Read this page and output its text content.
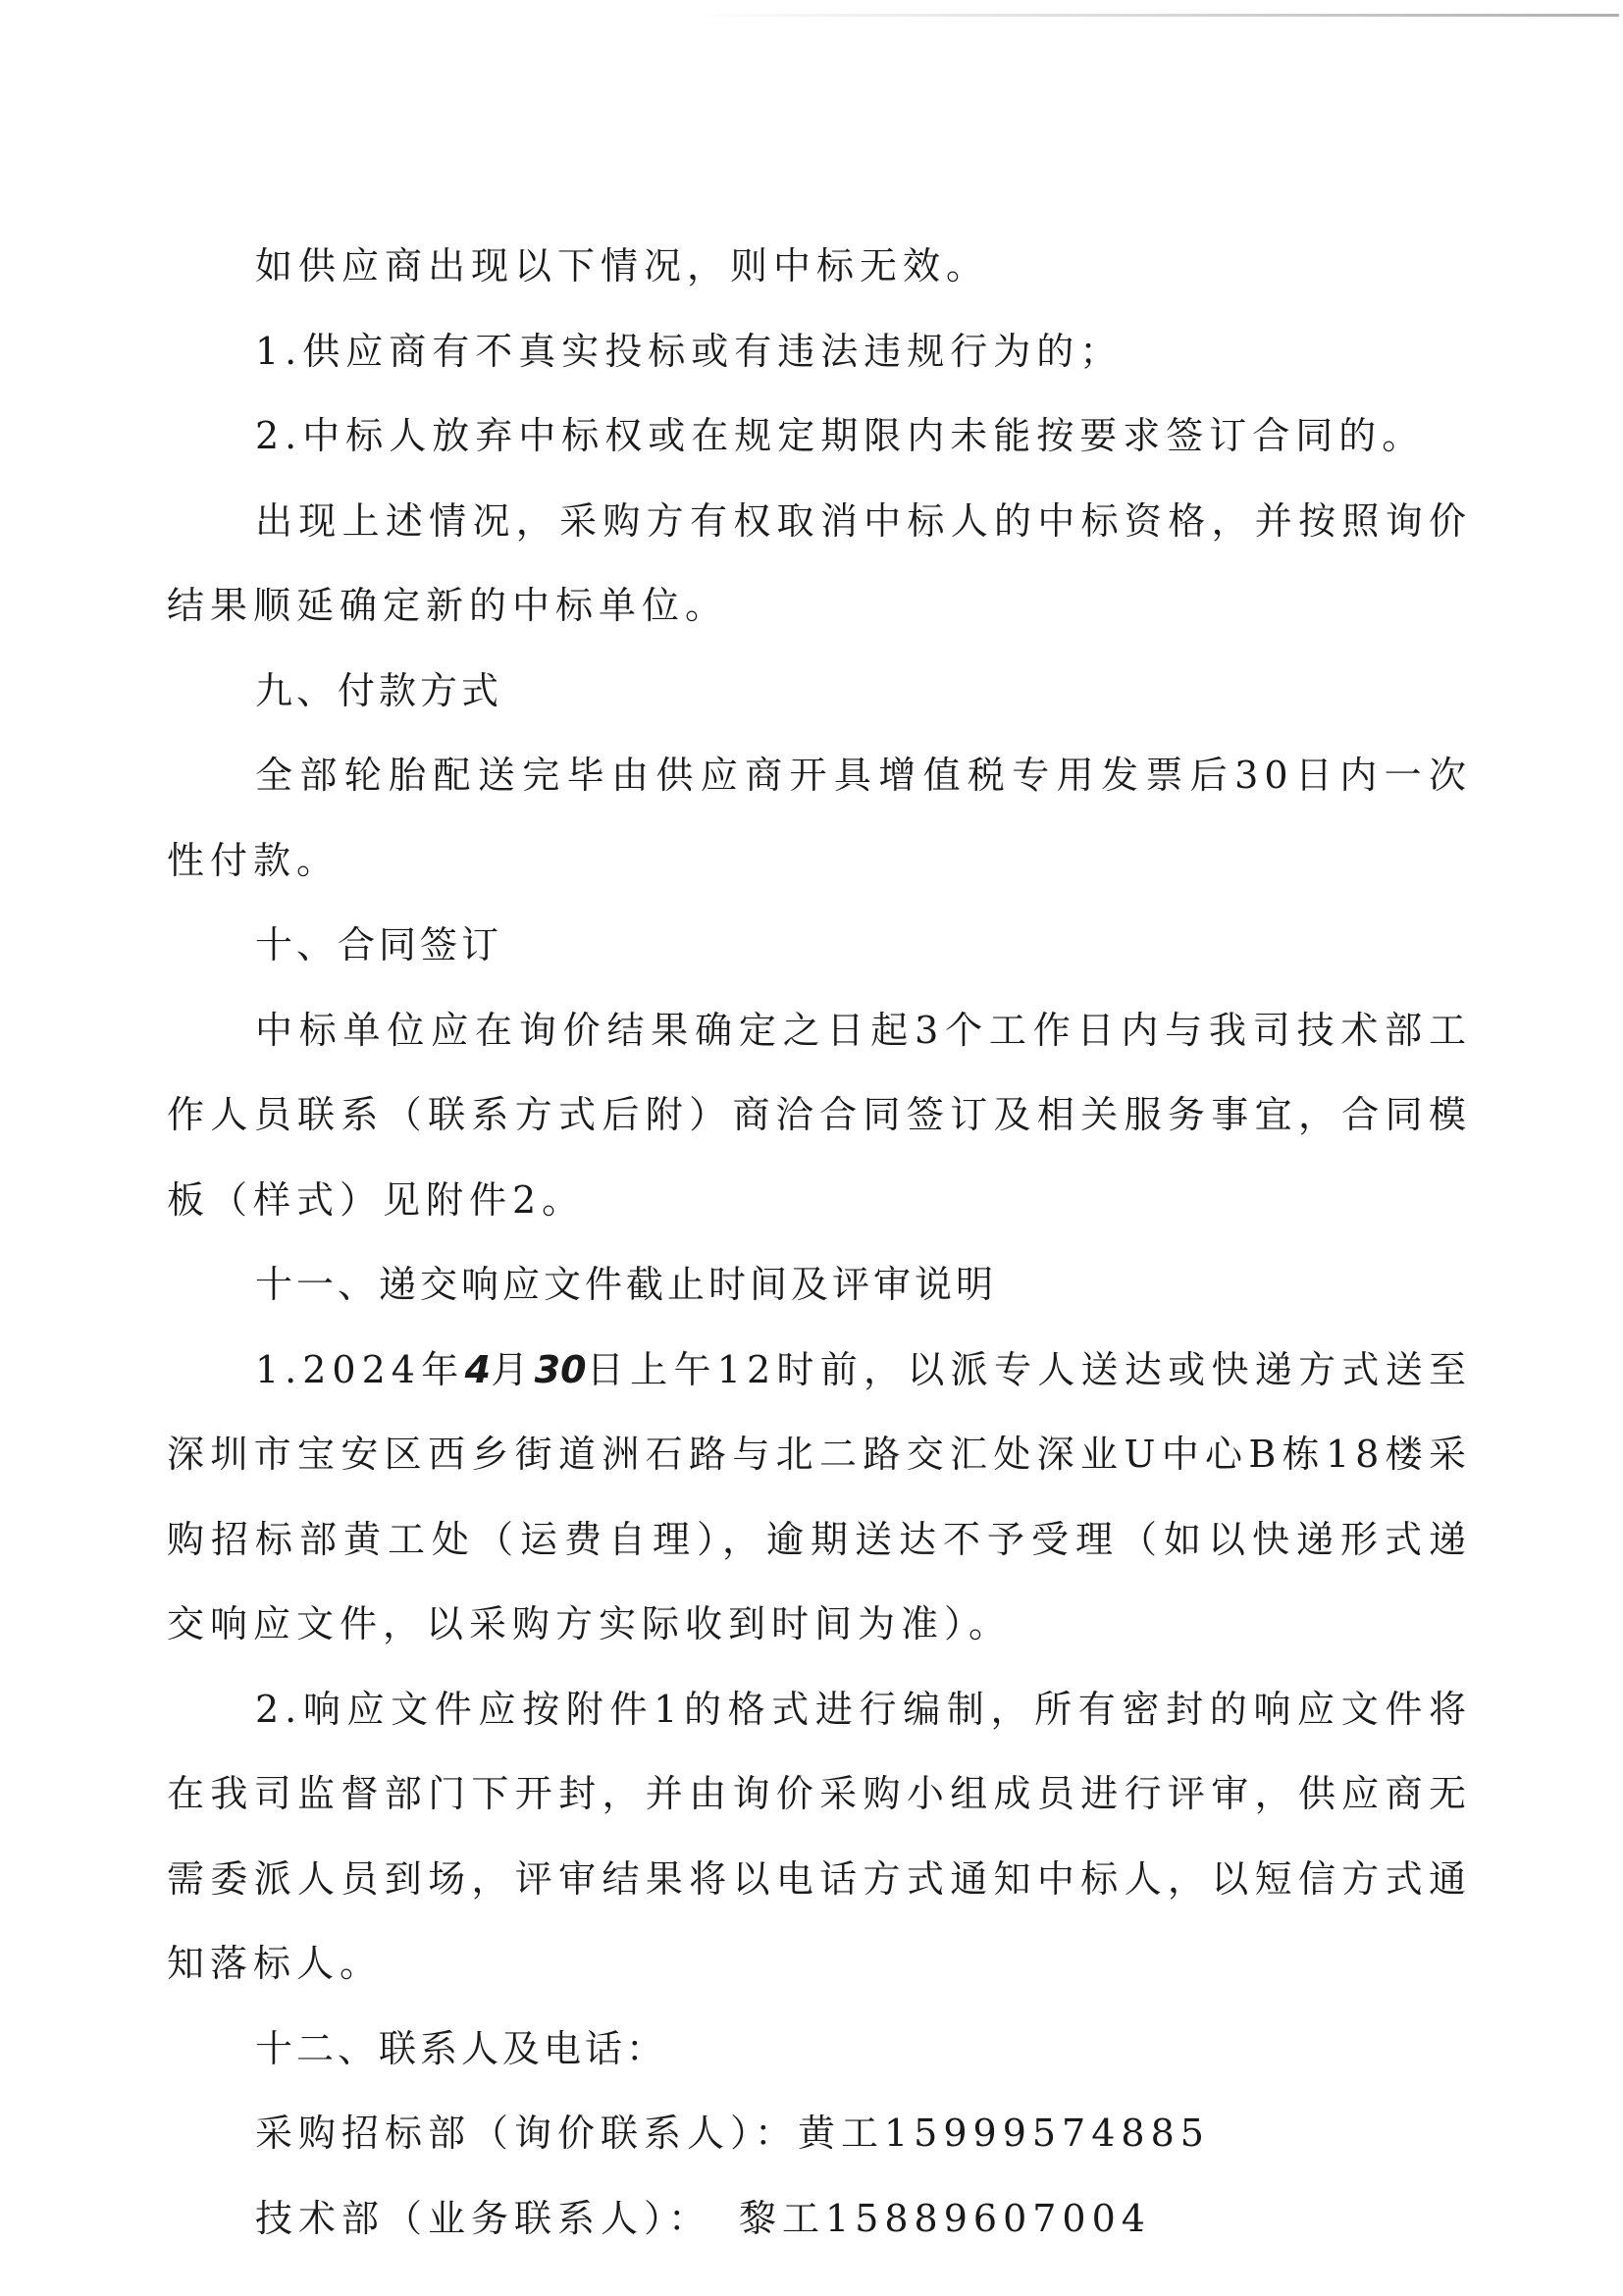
如供应商出现以下情况，则中标无效。

1.供应商有不真实投标或有违法违规行为的；

2.中标人放弃中标权或在规定期限内未能按要求签订合同的。

出现上述情况，采购方有权取消中标人的中标资格，并按照询价结果顺延确定新的中标单位。

九、付款方式

全部轮胎配送完毕由供应商开具增值税专用发票后30日内一次性付款。

十、合同签订

中标单位应在询价结果确定之日起3个工作日内与我司技术部工作人员联系（联系方式后附）商洽合同签订及相关服务事宜，合同模板（样式）见附件2。

十一、递交响应文件截止时间及评审说明

1.2024年4月30日上午12时前，以派专人送达或快递方式送至深圳市宝安区西乡街道洲石路与北二路交汇处深业U中心B栋18楼采购招标部黄工处（运费自理），逾期送达不予受理（如以快递形式递交响应文件，以采购方实际收到时间为准）。

2.响应文件应按附件1的格式进行编制，所有密封的响应文件将在我司监督部门下开封，并由询价采购小组成员进行评审，供应商无需委派人员到场，评审结果将以电话方式通知中标人，以短信方式通知落标人。

十二、联系人及电话：

采购招标部（询价联系人）：黄工15999574885

技术部（业务联系人）： 黎工15889607004
